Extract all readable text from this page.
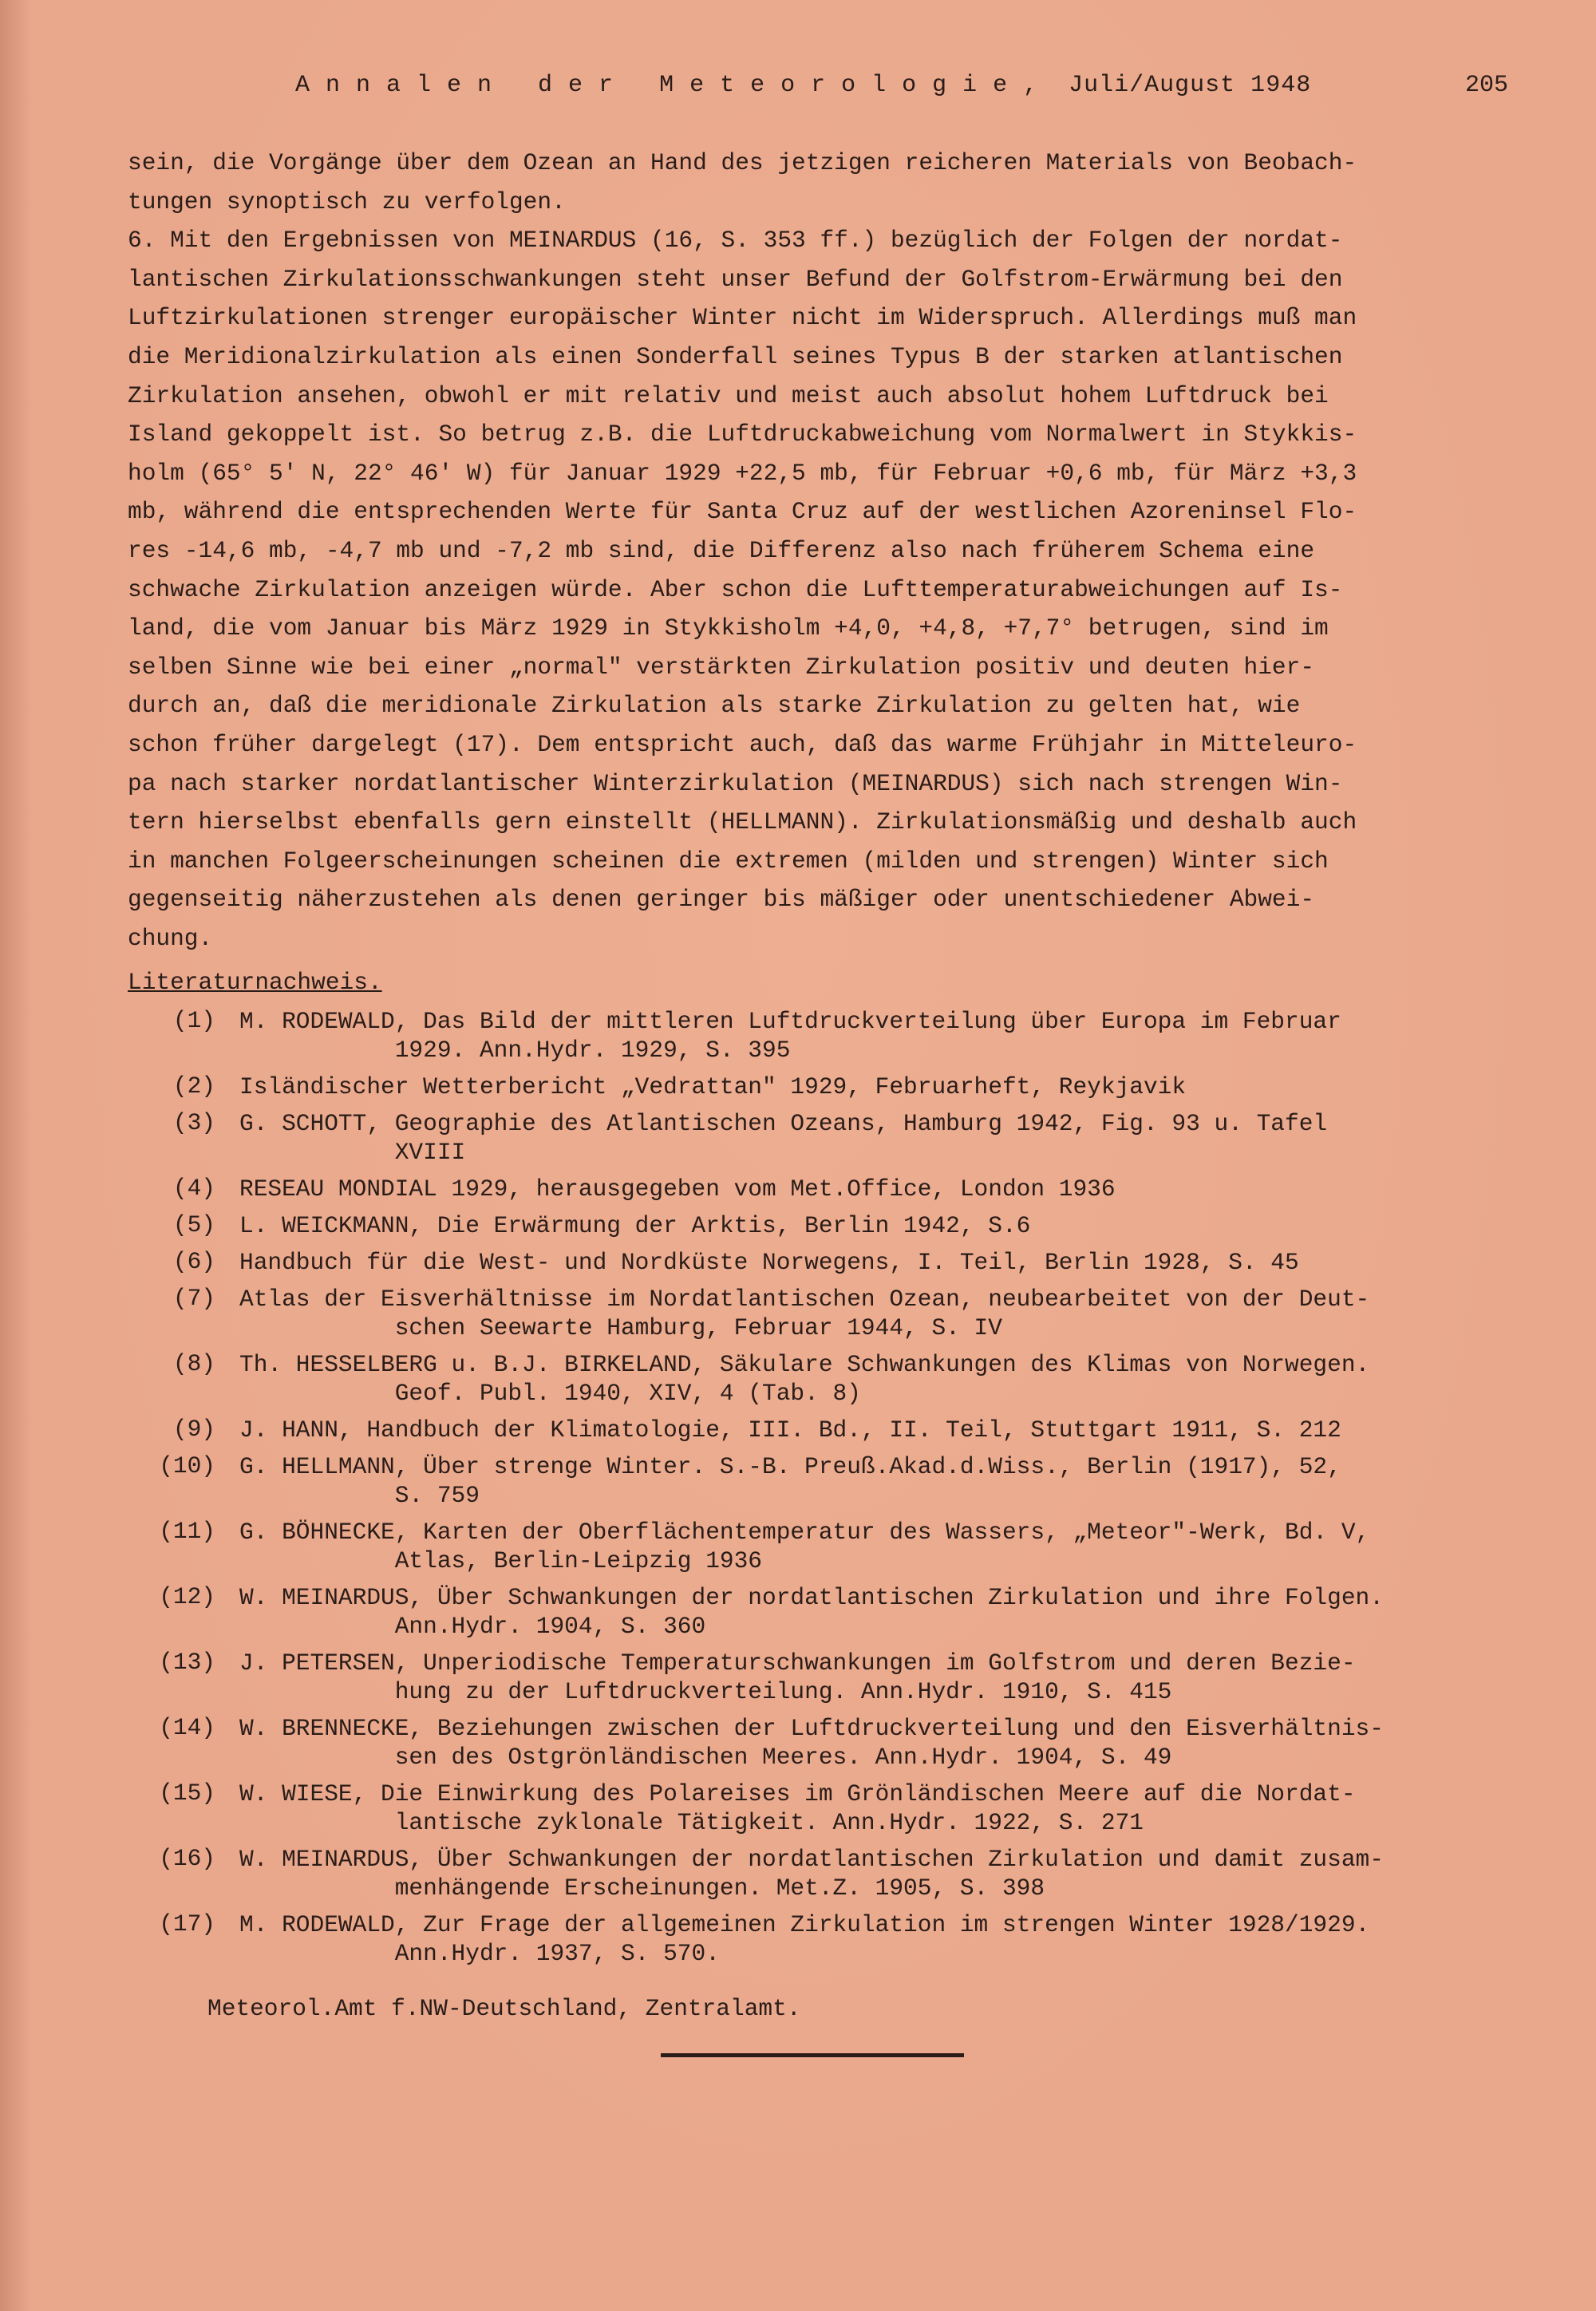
A n n a l e n   d e r   M e t e o r o l o g i e ,  Juli/August 1948	205
sein, die Vorgänge über dem Ozean an Hand des jetzigen reicheren Materials von Beobach-
tungen synoptisch zu verfolgen.
6. Mit den Ergebnissen von MEINARDUS (16, S. 353 ff.) bezüglich der Folgen der nordat-
lantischen Zirkulationsschwankungen steht unser Befund der Golfstrom-Erwärmung bei den
Luftzirkulationen strenger europäischer Winter nicht im Widerspruch. Allerdings muß man
die Meridionalzirkulation als einen Sonderfall seines Typus B der starken atlantischen
Zirkulation ansehen, obwohl er mit relativ und meist auch absolut hohem Luftdruck bei
Island gekoppelt ist. So betrug z.B. die Luftdruckabweichung vom Normalwert in Stykkis-
holm (65° 5' N, 22° 46' W) für Januar 1929 +22,5 mb, für Februar +0,6 mb, für März +3,3
mb, während die entsprechenden Werte für Santa Cruz auf der westlichen Azoreninsel Flo-
res -14,6 mb, -4,7 mb und -7,2 mb sind, die Differenz also nach früherem Schema eine
schwache Zirkulation anzeigen würde. Aber schon die Lufttemperaturabweichungen auf Is-
land, die vom Januar bis März 1929 in Stykkisholm +4,0, +4,8, +7,7° betrugen, sind im
selben Sinne wie bei einer „normal" verstärkten Zirkulation positiv und deuten hier-
durch an, daß die meridionale Zirkulation als starke Zirkulation zu gelten hat, wie
schon früher dargelegt (17). Dem entspricht auch, daß das warme Frühjahr in Mitteleuro-
pa nach starker nordatlantischer Winterzirkulation (MEINARDUS) sich nach strengen Win-
tern hierselbst ebenfalls gern einstellt (HELLMANN). Zirkulationsmäßig und deshalb auch
in manchen Folgeerscheinungen scheinen die extremen (milden und strengen) Winter sich
gegenseitig näherzustehen als denen geringer bis mäßiger oder unentschiedener Abwei-
chung.
Literaturnachweis.
(1)	M. RODEWALD, Das Bild der mittleren Luftdruckverteilung über Europa im Februar
1929. Ann.Hydr. 1929, S. 395
(2)	Isländischer Wetterbericht „Vedrattan" 1929, Februarheft, Reykjavik
(3)	G. SCHOTT, Geographie des Atlantischen Ozeans, Hamburg 1942, Fig. 93 u. Tafel
XVIII
(4)	RESEAU MONDIAL 1929, herausgegeben vom Met.Office, London 1936
(5)	L. WEICKMANN, Die Erwärmung der Arktis, Berlin 1942, S.6
(6)	Handbuch für die West- und Nordküste Norwegens, I. Teil, Berlin 1928, S. 45
(7)	Atlas der Eisverhältnisse im Nordatlantischen Ozean, neubearbeitet von der Deut-
schen Seewarte Hamburg, Februar 1944, S. IV
(8)	Th. HESSELBERG u. B.J. BIRKELAND, Säkulare Schwankungen des Klimas von Norwegen.
Geof. Publ. 1940, XIV, 4 (Tab. 8)
(9)	J. HANN, Handbuch der Klimatologie, III. Bd., II. Teil, Stuttgart 1911, S. 212
(10)	G. HELLMANN, Über strenge Winter. S.-B. Preuß.Akad.d.Wiss., Berlin (1917), 52,
S. 759
(11)	G. BÖHNECKE, Karten der Oberflächentemperatur des Wassers, „Meteor"-Werk, Bd. V,
Atlas, Berlin-Leipzig 1936
(12)	W. MEINARDUS, Über Schwankungen der nordatlantischen Zirkulation und ihre Folgen.
Ann.Hydr. 1904, S. 360
(13)	J. PETERSEN, Unperiodische Temperaturschwankungen im Golfstrom und deren Bezie-
hung zu der Luftdruckverteilung. Ann.Hydr. 1910, S. 415
(14)	W. BRENNECKE, Beziehungen zwischen der Luftdruckverteilung und den Eisverhältnis-
sen des Ostgrönländischen Meeres. Ann.Hydr. 1904, S. 49
(15)	W. WIESE, Die Einwirkung des Polareises im Grönländischen Meere auf die Nordat-
lantische zyklonale Tätigkeit. Ann.Hydr. 1922, S. 271
(16)	W. MEINARDUS, Über Schwankungen der nordatlantischen Zirkulation und damit zusam-
menhängende Erscheinungen. Met.Z. 1905, S. 398
(17)	M. RODEWALD, Zur Frage der allgemeinen Zirkulation im strengen Winter 1928/1929.
Ann.Hydr. 1937, S. 570.
Meteorol.Amt f.NW-Deutschland, Zentralamt.
